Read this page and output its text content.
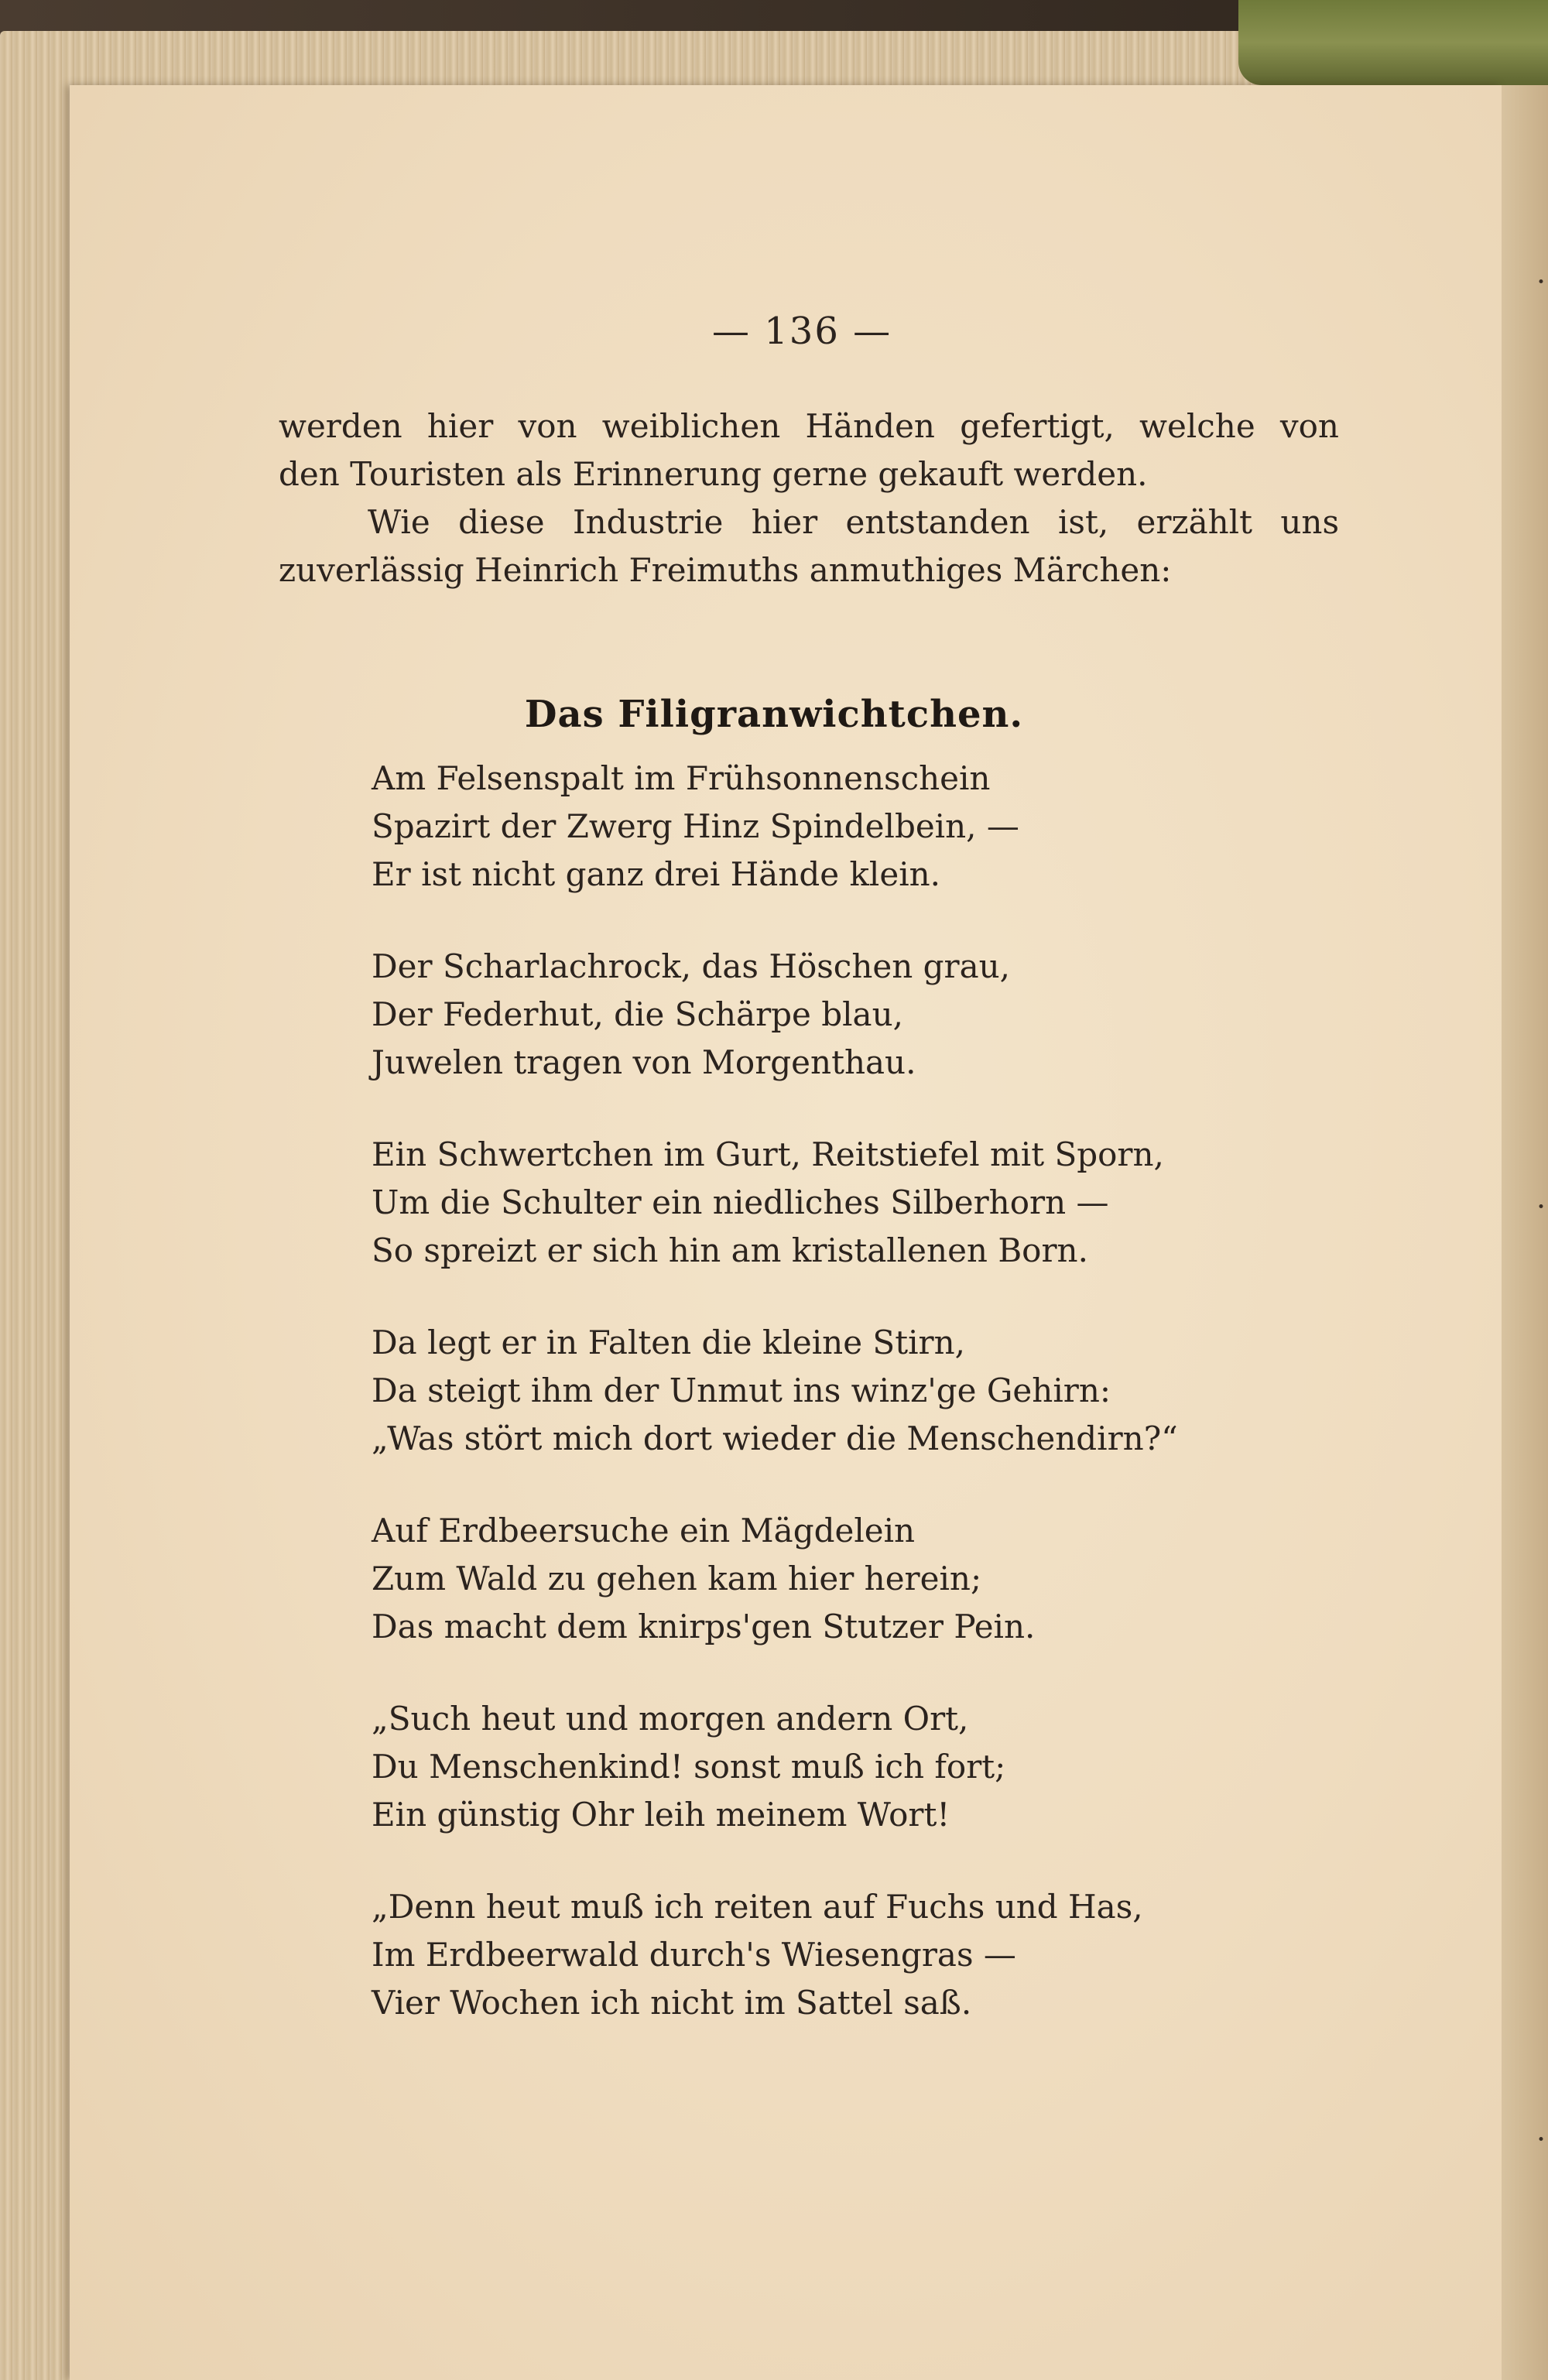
·
·
·
— 136 —
werden hier von weiblichen Händen gefertigt, welche von
den Touristen als Erinnerung gerne gekauft werden.
Wie diese Industrie hier entstanden ist, erzählt uns
zuverlässig Heinrich Freimuths anmuthiges Märchen:
Das Filigranwichtchen.
Am Felsenspalt im Frühsonnenschein
Spazirt der Zwerg Hinz Spindelbein, —
Er ist nicht ganz drei Hände klein.
Der Scharlachrock, das Höschen grau,
Der Federhut, die Schärpe blau,
Juwelen tragen von Morgenthau.
Ein Schwertchen im Gurt, Reitstiefel mit Sporn,
Um die Schulter ein niedliches Silberhorn —
So spreizt er sich hin am kristallenen Born.
Da legt er in Falten die kleine Stirn,
Da steigt ihm der Unmut ins winz'ge Gehirn:
„Was stört mich dort wieder die Menschendirn?“
Auf Erdbeersuche ein Mägdelein
Zum Wald zu gehen kam hier herein;
Das macht dem knirps'gen Stutzer Pein.
„Such heut und morgen andern Ort,
Du Menschenkind! sonst muß ich fort;
Ein günstig Ohr leih meinem Wort!
„Denn heut muß ich reiten auf Fuchs und Has,
Im Erdbeerwald durch's Wiesengras —
Vier Wochen ich nicht im Sattel saß.
